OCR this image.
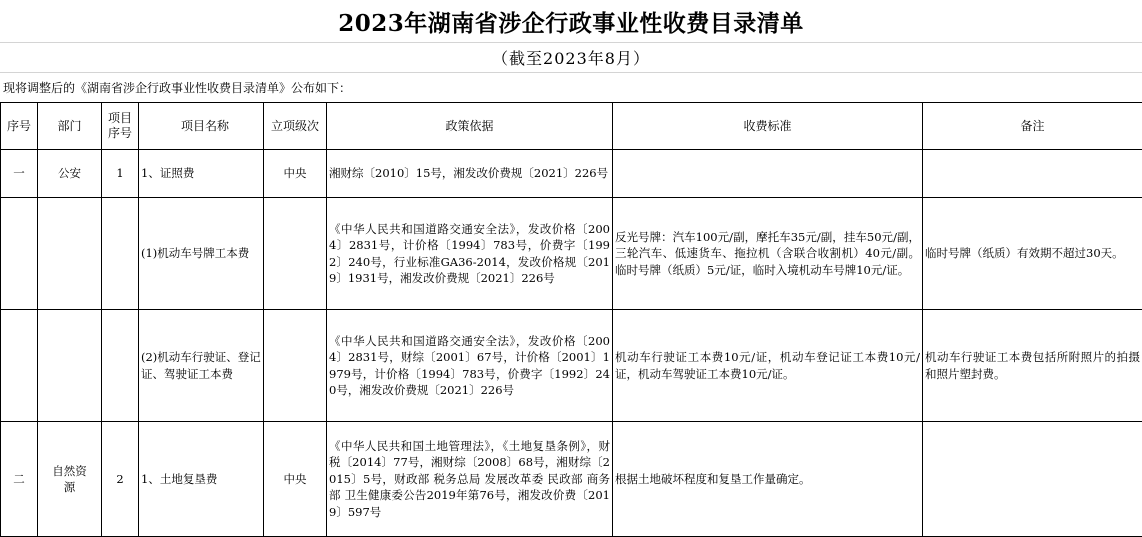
2023年湖南省涉企行政事业性收费目录清单
（截至2023年8月）
现将调整后的《湖南省涉企行政事业性收费目录清单》公布如下：
序号	部门	项目序号	项目名称	立项级次	政策依据	收费标准	备注
一	公安	1	1、证照费	中央	湘财综〔2010〕15号，湘发改价费规〔2021〕226号		
			(1)机动车号牌工本费		《中华人民共和国道路交通安全法》，发改价格〔2004〕2831号，计价格〔1994〕783号，价费字〔1992〕240号，行业标准GA36-2014，发改价格规〔2019〕1931号，湘发改价费规〔2021〕226号	反光号牌：汽车100元/副，摩托车35元/副，挂车50元/副，三轮汽车、低速货车、拖拉机（含联合收割机）40元/副。临时号牌（纸质）5元/证，临时入境机动车号牌10元/证。	临时号牌（纸质）有效期不超过30天。
			(2)机动车行驶证、登记证、驾驶证工本费		《中华人民共和国道路交通安全法》，发改价格〔2004〕2831号，财综〔2001〕67号，计价格〔2001〕1979号，计价格〔1994〕783号，价费字〔1992〕240号，湘发改价费规〔2021〕226号	机动车行驶证工本费10元/证，机动车登记证工本费10元/证，机动车驾驶证工本费10元/证。	机动车行驶证工本费包括所附照片的拍摄和照片塑封费。
二	自然资源	2	1、土地复垦费	中央	《中华人民共和国土地管理法》，《土地复垦条例》，财税〔2014〕77号，湘财综〔2008〕68号，湘财综〔2015〕5号，财政部 税务总局 发展改革委 民政部 商务部 卫生健康委公告2019年第76号，湘发改价费〔2019〕597号	根据土地破坏程度和复垦工作量确定。	
